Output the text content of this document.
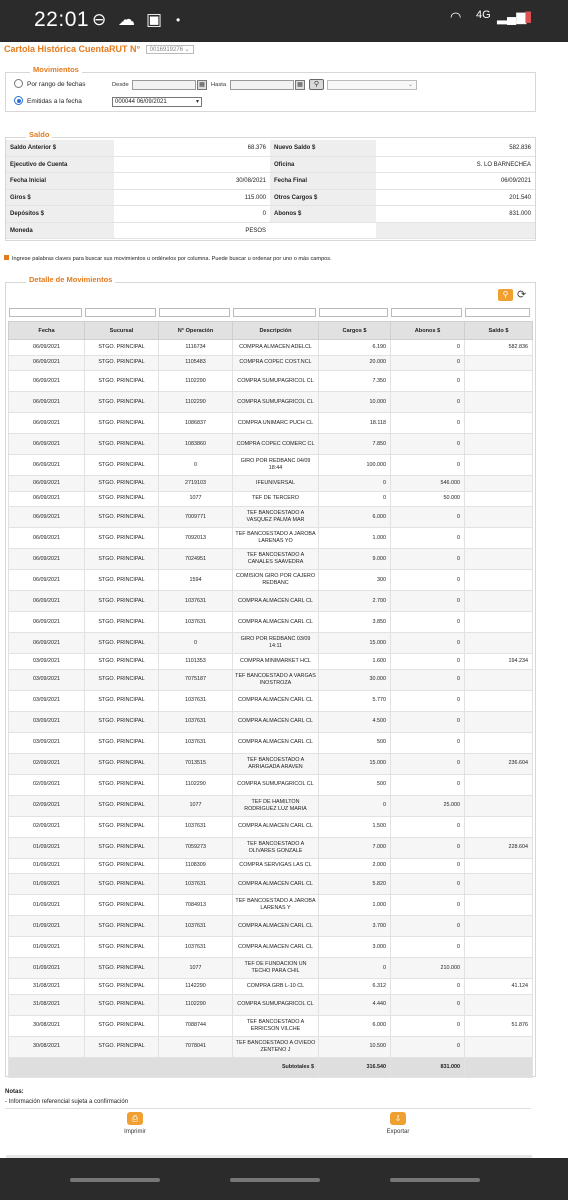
22:01 ⊖ ☁ ▣ •	◠ 4G ▂▄▆
▮
Cartola Histórica CuentaRUT N° 0016919276 ⌄
Por rango de fechas	Desde	▦	Hasta	▦	⚲	⌄
Emitidas a la fecha	000044 06/09/2021	▾
Movimientos
Saldo Anterior $	68.376 Nuevo Saldo $	582.836
Ejecutivo de Cuenta	Oficina	S. LO BARNECHEA
Fecha Inicial	30/08/2021 Fecha Final	06/09/2021
Giros $	115.000 Otros Cargos $	201.540
Depósitos $	0 Abonos $	831.000
Moneda	PESOS
Saldo
Ingrese palabras claves para buscar sus movimientos u ordénelos por columna. Puede buscar u ordenar por uno o más campos.
Detalle de Movimientos
⚲ ⟳
Fecha	Sucursal	N° Operación	Descripción	Cargos $	Abonos $	Saldo $
06/09/2021	STGO. PRINCIPAL	1116734	COMPRA ALMACEN ADELCL	6.190	0	582.836
06/09/2021	STGO. PRINCIPAL	1105483	COMPRA COPEC COST.NCL	20.000	0	
06/09/2021	STGO. PRINCIPAL	1102290	COMPRA SUMUPAGRICOL CL	7.350	0	
06/09/2021	STGO. PRINCIPAL	1102290	COMPRA SUMUPAGRICOL CL	10.000	0	
06/09/2021	STGO. PRINCIPAL	1086837	COMPRA UNIMARC PUCH CL	18.118	0	
06/09/2021	STGO. PRINCIPAL	1083860	COMPRA COPEC COMERC CL	7.850	0	
06/09/2021	STGO. PRINCIPAL	0	GIRO POR REDBANC 04/09 18:44	100.000	0	
06/09/2021	STGO. PRINCIPAL	2719103	IFEUNIVERSAL	0	546.000	
06/09/2021	STGO. PRINCIPAL	1077	TEF DE TERCERO	0	50.000	
06/09/2021	STGO. PRINCIPAL	7009771	TEF BANCOESTADO A VASQUEZ PALMA MAR	6.000	0	
06/09/2021	STGO. PRINCIPAL	7092013	TEF BANCOESTADO A JAROBA LARENAS YO	1.000	0	
06/09/2021	STGO. PRINCIPAL	7024951	TEF BANCOESTADO A CANALES SAAVEDRA	9.000	0	
06/09/2021	STGO. PRINCIPAL	1594	COMISION GIRO POR CAJERO REDBANC	300	0	
06/09/2021	STGO. PRINCIPAL	1037631	COMPRA ALMACEN CARL CL	2.700	0	
06/09/2021	STGO. PRINCIPAL	1037631	COMPRA ALMACEN CARL CL	3.850	0	
06/09/2021	STGO. PRINCIPAL	0	GIRO POR REDBANC 03/09 14:11	15.000	0	
03/09/2021	STGO. PRINCIPAL	1101353	COMPRA MINIMARKET HCL	1.600	0	194.234
03/09/2021	STGO. PRINCIPAL	7075187	TEF BANCOESTADO A VARGAS INOSTROZA	30.000	0	
03/09/2021	STGO. PRINCIPAL	1037631	COMPRA ALMACEN CARL CL	5.770	0	
03/09/2021	STGO. PRINCIPAL	1037631	COMPRA ALMACEN CARL CL	4.500	0	
03/09/2021	STGO. PRINCIPAL	1037631	COMPRA ALMACEN CARL CL	500	0	
02/09/2021	STGO. PRINCIPAL	7013515	TEF BANCOESTADO A ARRIAGADA ARAVEN	15.000	0	236.604
02/09/2021	STGO. PRINCIPAL	1102290	COMPRA SUMUPAGRICOL CL	500	0	
02/09/2021	STGO. PRINCIPAL	1077	TEF DE HAMILTON RODRIGUEZ LUZ MARIA	0	25.000	
02/09/2021	STGO. PRINCIPAL	1037631	COMPRA ALMACEN CARL CL	1.500	0	
01/09/2021	STGO. PRINCIPAL	7059273	TEF BANCOESTADO A OLIVARES GONZALE	7.000	0	228.604
01/09/2021	STGO. PRINCIPAL	1108309	COMPRA SERVIGAS LAS CL	2.000	0	
01/09/2021	STGO. PRINCIPAL	1037631	COMPRA ALMACEN CARL CL	5.820	0	
01/09/2021	STGO. PRINCIPAL	7084913	TEF BANCOESTADO A JAROBA LARENAS Y	1.000	0	
01/09/2021	STGO. PRINCIPAL	1037631	COMPRA ALMACEN CARL CL	3.700	0	
01/09/2021	STGO. PRINCIPAL	1037631	COMPRA ALMACEN CARL CL	3.000	0	
01/09/2021	STGO. PRINCIPAL	1077	TEF DE FUNDACION UN TECHO PARA CHIL	0	210.000	
31/08/2021	STGO. PRINCIPAL	1142290	COMPRA GRB L-10 CL	6.312	0	41.124
31/08/2021	STGO. PRINCIPAL	1102290	COMPRA SUMUPAGRICOL CL	4.440	0	
30/08/2021	STGO. PRINCIPAL	7088744	TEF BANCOESTADO A ERRICSON VILCHE	6.000	0	51.876
30/08/2021	STGO. PRINCIPAL	7078041	TEF BANCOESTADO A OVIEDO ZENTENO J	10.500	0	
Subtotales $				316.540	831.000	
Notas:
- Información referencial sujeta a confirmación
⎙
Imprimir
⇩
Exportar
